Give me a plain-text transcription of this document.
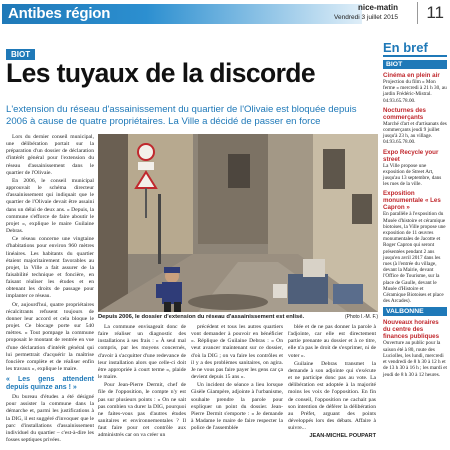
Antibes région	nice-matin
Vendredi 3 juillet 2015	11
BIOT
Les tuyaux de la discorde
L'extension du réseau d'assainissement du quartier de l'Olivaie est bloquée depuis 2006 à cause de quatre propriétaires. La Ville a décidé de passer en force

Lors du dernier conseil municipal, une délibération portait sur la préparation d'un dossier de déclaration d'intérêt général pour l'extension du réseau d'assainissement dans le quartier de l'Olivaie.

En 2006, le conseil municipal approuvait le schéma directeur d'assainissement qui indiquait que le quartier de l'Olivaie devait être assaini dans un délai de deux ans. « Depuis, la commune s'efforce de faire aboutir le projet », explique le maire Guilaine Debras.

Ce réseau concerne une vingtaine d'habitations pour environ 960 mètres linéaires. Les habitants du quartier étaient majoritairement favorables au projet, la Ville a fait assurer de la faisabilité technique et foncière, en faisant réaliser les études et en obtenant les droits de passage pour implanter ce réseau.

Or, aujourd'hui, quatre propriétaires récalcitrants refusent toujours de donner leur accord et cela bloque le projet. Ce blocage porte sur 540 mètres. « Tout pompage la commune proposait le montant de rentrée en vue d'une déclaration d'intérêt général qui lui permettrait d'acquérir la maîtrise foncière complète et de réaliser enfin les travaux », explique le maire.

« Les gens attendent depuis quinze ans ! »

Du bureau d'études a été désigné pour assister la commune dans la démarche et, parmi les justifications à la DIG, il est suggéré d'invoquer que le parc d'installations d'assainissement individuel du quartier – c'est-à-dire les fosses septiques privées.

Depuis 2006, le dossier d'extension du réseau d'assainissement est enlisé.	(Photo I.-M. F.)

La commune envisageait donc de faire réaliser un diagnostic des installations à ses frais : « À seul mal compris, par les moyens concernés, d'avoir à s'acquitter d'une redevance de leur installation alors que celle-ci doit être appropriée à court terme », plaide le maire.

Pour Jean-Pierre Dermit, chef de file de l'opposition, le compte n'y est pas sur plusieurs points : « On ne sait pas combien va durer la DIG, pourquoi ne faites-vous pas d'autres études sanitaires et environnementales ? Il faut faire pour cet contrôle aux administrés car on va créer un

précédent et tous les autres quartiers vont demander à pouvoir en bénéficier ». Réplique de Guilaine Debras : « On veut avancer maintenant sur ce dossier, d'où la DIG ; on va faire les contrôles et il y a des problèmes sanitaires, on agira. Je ne vous pas faire payer les gens car ça devient depuis 15 ans ».

Un incident de séance a lieu lorsque Gisèle Giampère, adjointe à l'urbanisme, souhaite prendre la parole pour expliquer un point du dossier. Jean-Pierre Dermit s'emporte : « Je demande à Madame le maire de faire respecter la police de l'assemblée

blée et de ne pas donner la parole à l'adjointe, car elle est directement partie prenante au dossier et à ce titre, elle n'a pas le droit de s'exprimer, ni de voter ».

Guilaine Debras transmet la demande à son adjointe qui s'exécute et ne participe donc pas au vote. La délibération est adoptée à la majorité moins les voix de l'opposition. En fin de conseil, l'opposition ne cachait pas son intention de déférer la délibération au Préfet, arguant des points développés lors des débats. Affaire à suivre...

JEAN-MICHEL POUPART
En bref
BIOT
Cinéma en plein air
Projection du film « Mon ferme » mercredi à 21 h 30, au jardin Frédéric-Mistral. 04.93.65.78.00.
Nocturnes des commerçants
Marché d'art et d'artisanats des commerçants jeudi 9 juillet jusqu'à 23 h, au village. 04.93.65.78.00.
Expo Recycle your street
La Ville propose une exposition de Street Art, jusqu'au 13 septembre, dans les rues de la ville.
Exposition monumentale « Les Capron »
En parallèle à l'exposition du Musée d'histoire et céramique biotoises, la Ville propose une exposition de 11 œuvres monumentales de Jacotte et Roger Capron qui seront présentées pendant 2 ans jusqu'en avril 2017 dans les rues (à l'entrée du village, devant la Mairie, devant l'Office de Tourisme, sur la place de Gaulle, devant le Musée d'Histoire et Céramique Biotoises et place des Arcades).
VALBONNE
Nouveaux horaires du centre des finances publiques
Ouverture au public pour la saison été à 80, route des Luciolles, les lundi, mercredi et vendredi de 8 h 30 à 12 h et de 13 h 30 à 16 h ; les mardi et jeudi de 8 h 30 à 12 heures.
